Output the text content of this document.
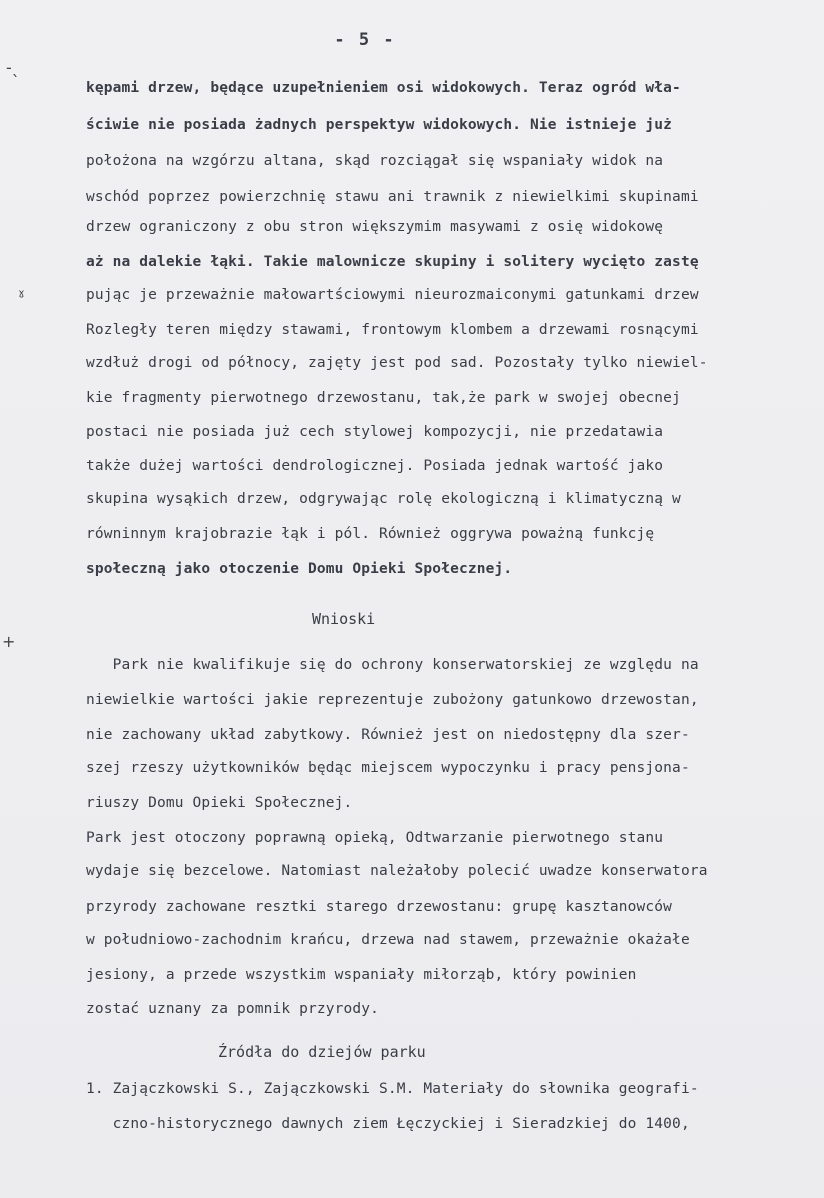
- 5 -
-ˎ
ˠ
+
kępami drzew, będące uzupełnieniem osi widokowych. Teraz ogród wła-
ściwie nie posiada żadnych perspektyw widokowych. Nie istnieje już
położona na wzgórzu altana, skąd rozciągał się wspaniały widok na
wschód poprzez powierzchnię stawu ani trawnik z niewielkimi skupinami
drzew ograniczony z obu stron większymim masywami z osię widokowę
aż na dalekie łąki. Takie malownicze skupiny i solitery wycięto zastę
pując je przeważnie małowartściowymi nieurozmaiconymi gatunkami drzew
Rozległy teren między stawami, frontowym klombem a drzewami rosnącymi
wzdłuż drogi od północy, zajęty jest pod sad. Pozostały tylko niewiel-
kie fragmenty pierwotnego drzewostanu, tak,że park w swojej obecnej
postaci nie posiada już cech stylowej kompozycji, nie przedatawia
także dużej wartości dendrologicznej. Posiada jednak wartość jako
skupina wysąkich drzew, odgrywając rolę ekologiczną i klimatyczną w
równinnym krajobrazie łąk i pól. Również oggrywa poważną funkcję
społeczną jako otoczenie Domu Opieki Społecznej.
Wnioski
Park nie kwalifikuje się do ochrony konserwatorskiej ze względu na
niewielkie wartości jakie reprezentuje zubożony gatunkowo drzewostan,
nie zachowany układ zabytkowy. Również jest on niedostępny dla szer-
szej rzeszy użytkowników będąc miejscem wypoczynku i pracy pensjona-
riuszy Domu Opieki Społecznej.
Park jest otoczony poprawną opieką, Odtwarzanie pierwotnego stanu
wydaje się bezcelowe. Natomiast należałoby polecić uwadze konserwatora
przyrody zachowane resztki starego drzewostanu: grupę kasztanowców
w południowo-zachodnim krańcu, drzewa nad stawem, przeważnie okażałe
jesiony, a przede wszystkim wspaniały miłorząb, który powinien
zostać uznany za pomnik przyrody.
Źródła do dziejów parku
1. Zajączkowski S., Zajączkowski S.M. Materiały do słownika geografi-
czno-historycznego dawnych ziem Łęczyckiej i Sieradzkiej do 1400,
